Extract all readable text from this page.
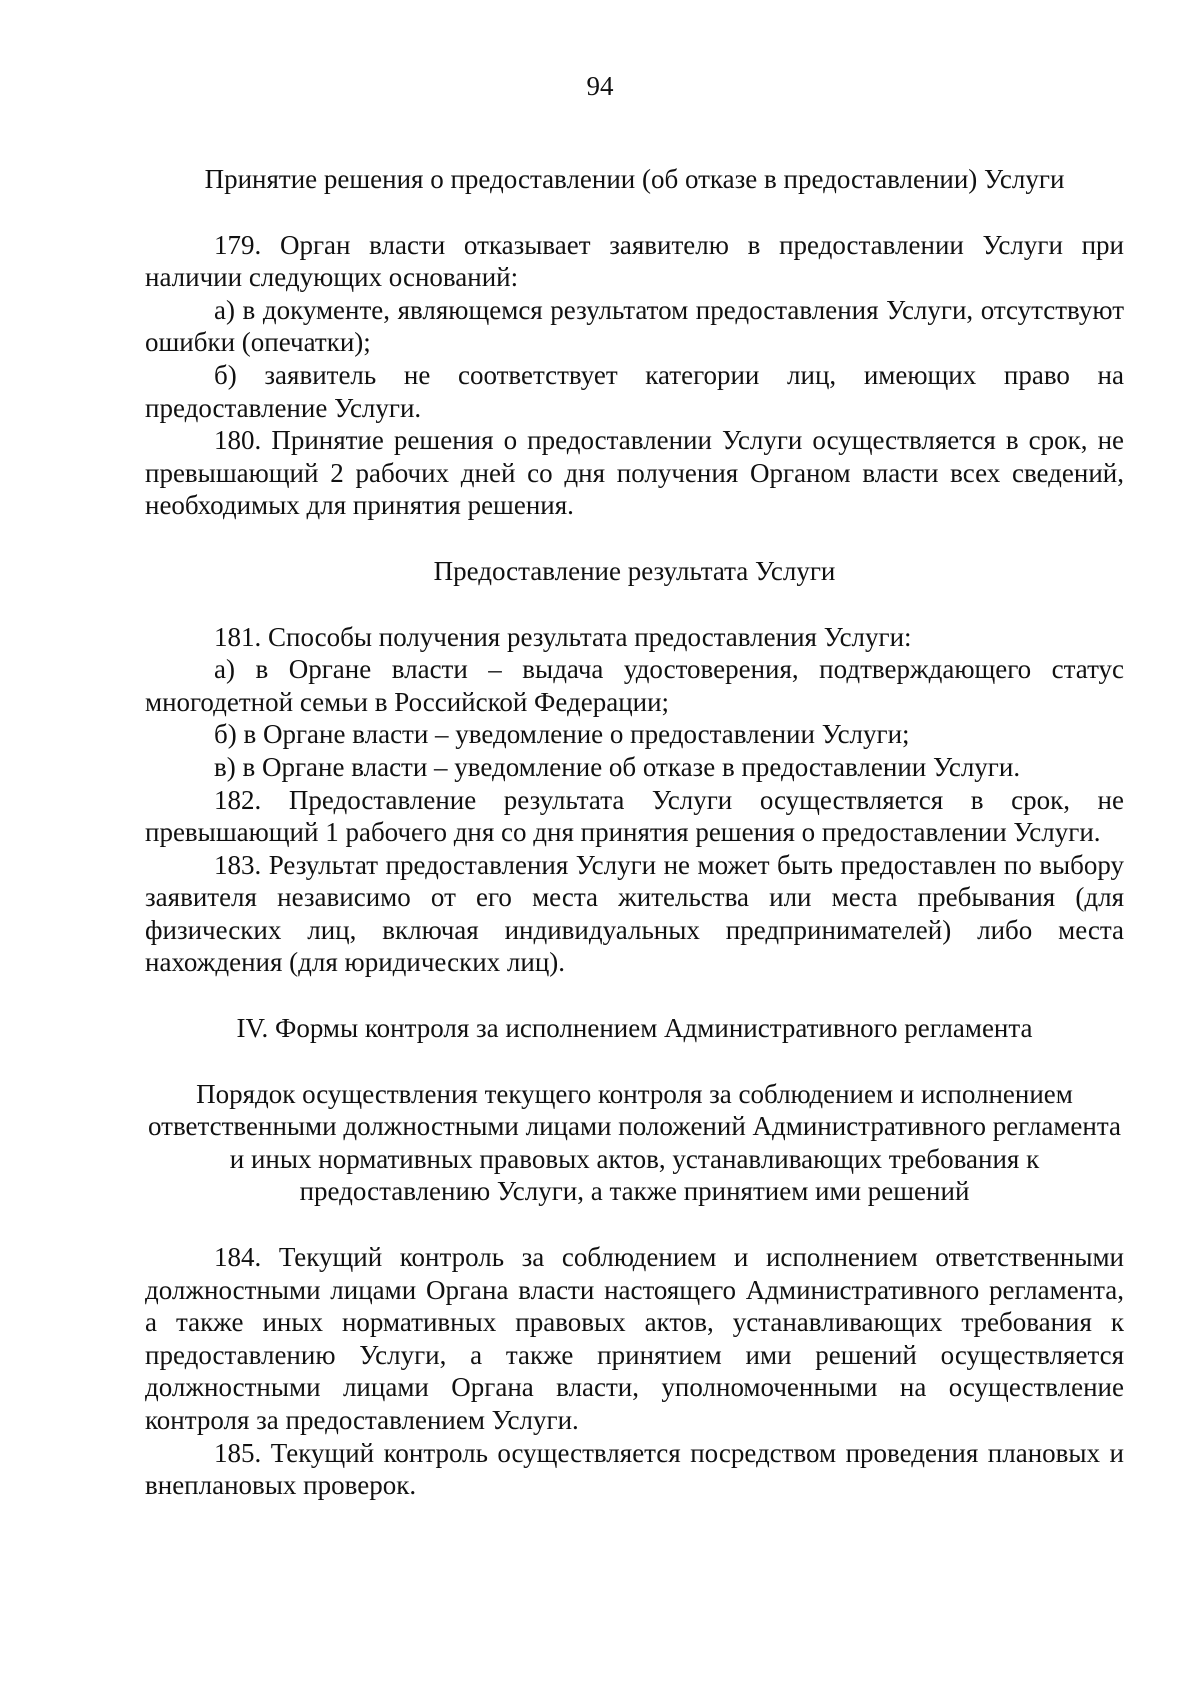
94

Принятие решения о предоставлении (об отказе в предоставлении) Услуги

179. Орган власти отказывает заявителю в предоставлении Услуги при наличии следующих оснований:

а) в документе, являющемся результатом предоставления Услуги, отсутствуют ошибки (опечатки);

б) заявитель не соответствует категории лиц, имеющих право на предоставление Услуги.

180. Принятие решения о предоставлении Услуги осуществляется в срок, не превышающий 2 рабочих дней со дня получения Органом власти всех сведений, необходимых для принятия решения.

Предоставление результата Услуги

181. Способы получения результата предоставления Услуги:

а) в Органе власти – выдача удостоверения, подтверждающего статус многодетной семьи в Российской Федерации;

б) в Органе власти – уведомление о предоставлении Услуги;

в) в Органе власти – уведомление об отказе в предоставлении Услуги.

182. Предоставление результата Услуги осуществляется в срок, не превышающий 1 рабочего дня со дня принятия решения о предоставлении Услуги.

183. Результат предоставления Услуги не может быть предоставлен по выбору заявителя независимо от его места жительства или места пребывания (для физических лиц, включая индивидуальных предпринимателей) либо места нахождения (для юридических лиц).

IV. Формы контроля за исполнением Административного регламента

Порядок осуществления текущего контроля за соблюдением и исполнением ответственными должностными лицами положений Административного регламента и иных нормативных правовых актов, устанавливающих требования к предоставлению Услуги, а также принятием ими решений

184. Текущий контроль за соблюдением и исполнением ответственными должностными лицами Органа власти настоящего Административного регламента, а также иных нормативных правовых актов, устанавливающих требования к предоставлению Услуги, а также принятием ими решений осуществляется должностными лицами Органа власти, уполномоченными на осуществление контроля за предоставлением Услуги.

185. Текущий контроль осуществляется посредством проведения плановых и внеплановых проверок.
